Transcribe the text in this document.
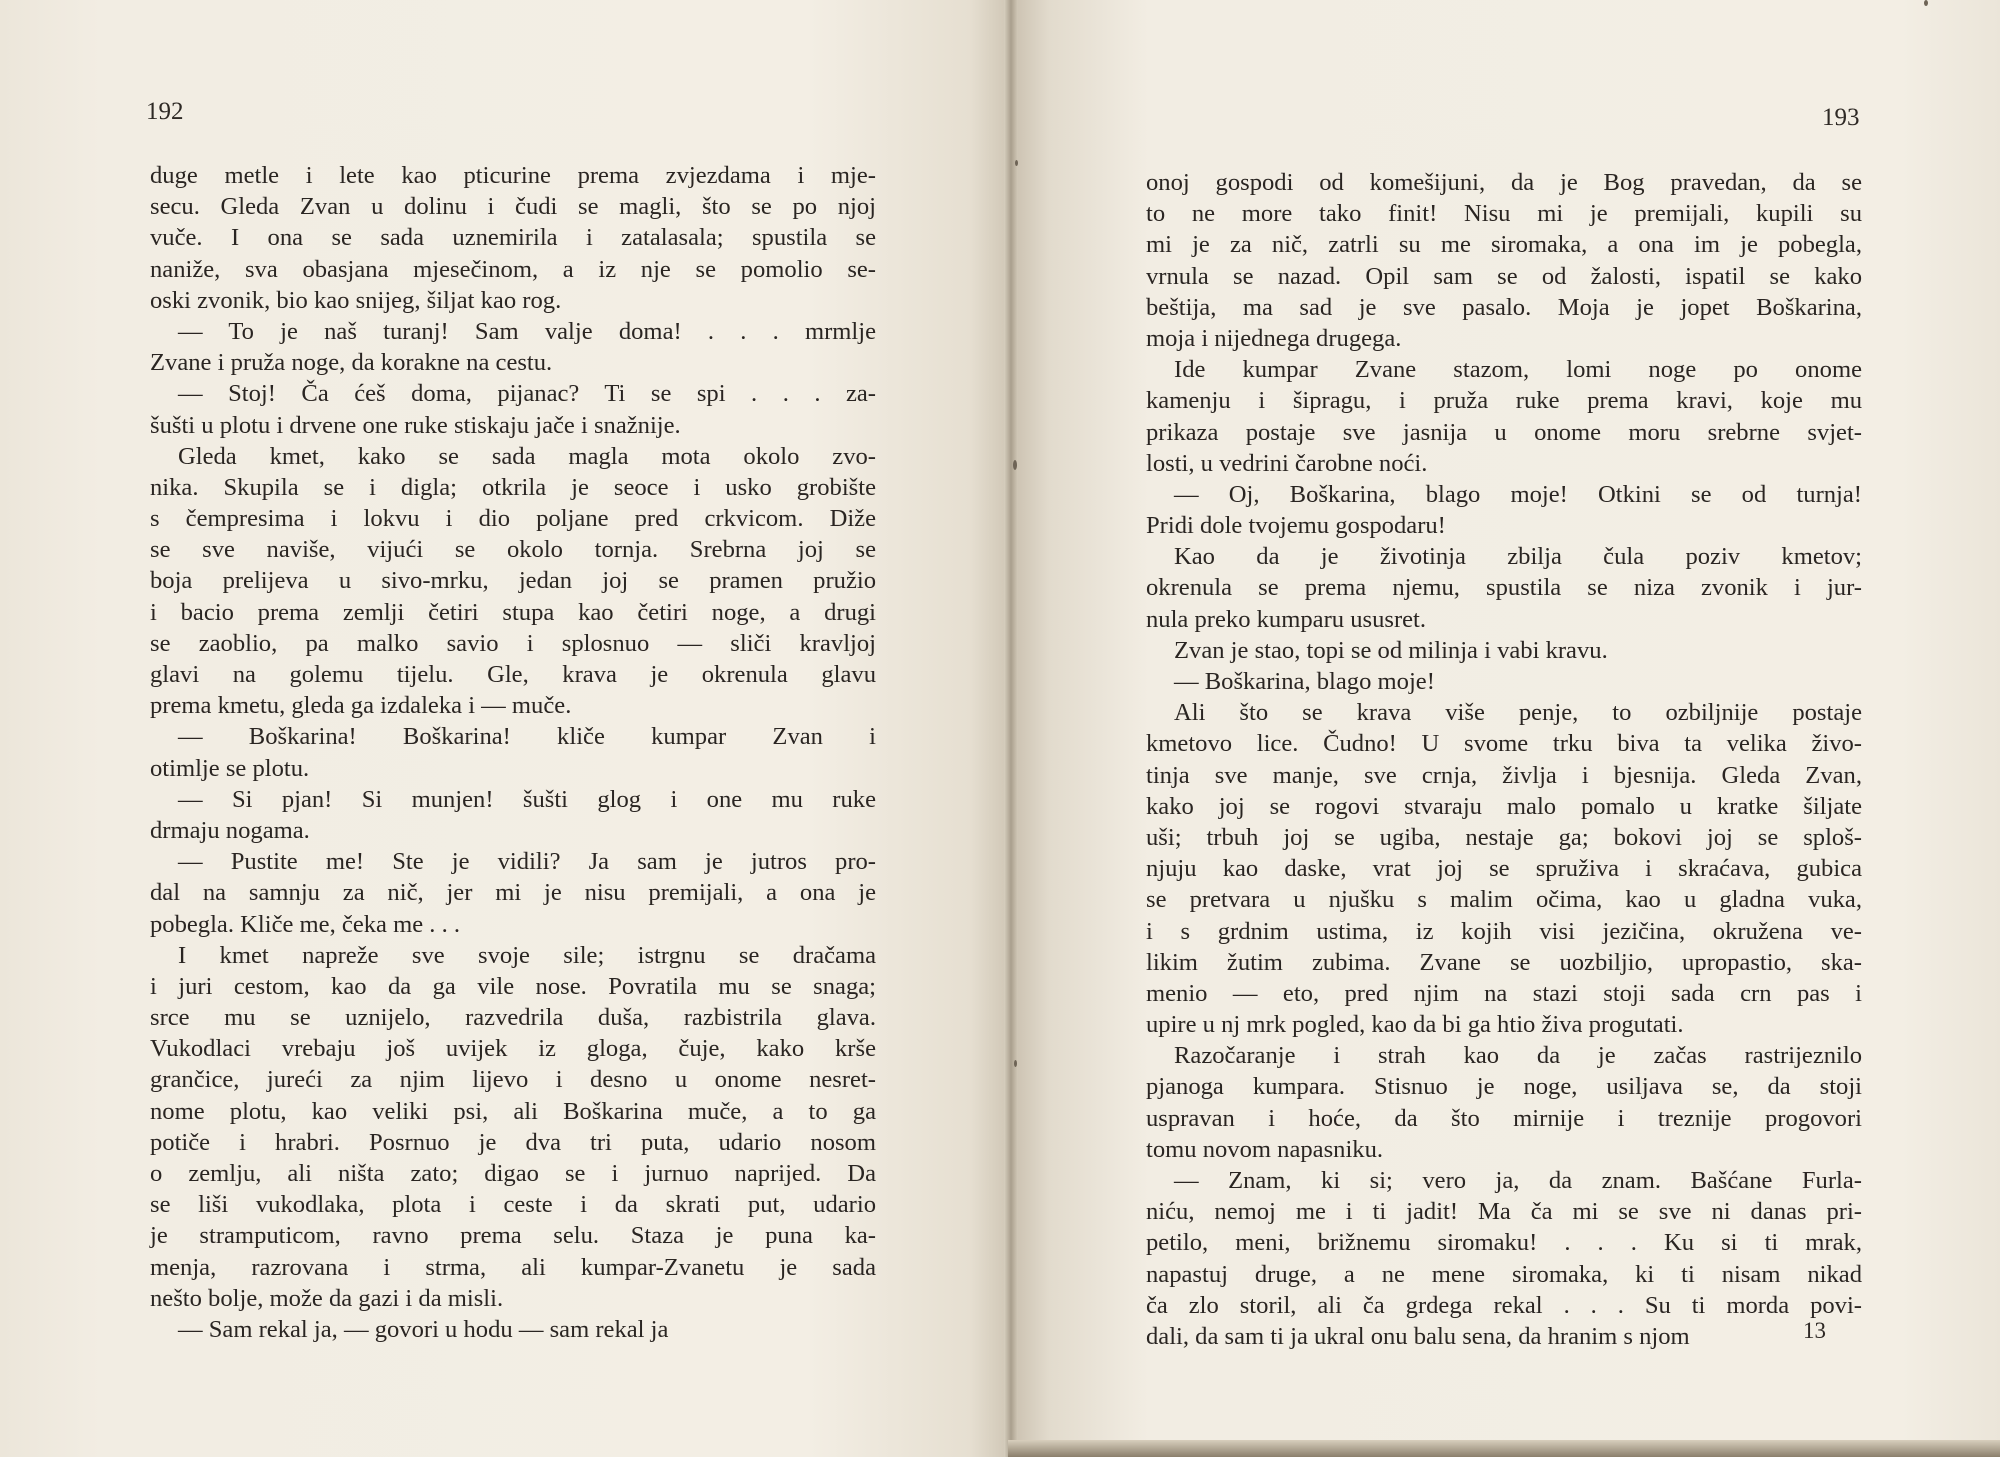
192
duge metle i lete kao pticurine prema zvjezdama i mje-
secu. Gleda Zvan u dolinu i čudi se magli, što se po njoj
vuče. I ona se sada uznemirila i zatalasala; spustila se
naniže, sva obasjana mjesečinom, a iz nje se pomolio se-
oski zvonik, bio kao snijeg, šiljat kao rog.
— To je naš turanj! Sam valje doma! . . . mrmlje
Zvane i pruža noge, da korakne na cestu.
— Stoj! Ča ćeš doma, pijanac? Ti se spi . . . za-
šušti u plotu i drvene one ruke stiskaju jače i snažnije.
Gleda kmet, kako se sada magla mota okolo zvo-
nika. Skupila se i digla; otkrila je seoce i usko grobište
s čempresima i lokvu i dio poljane pred crkvicom. Diže
se sve naviše, vijući se okolo tornja. Srebrna joj se
boja prelijeva u sivo-mrku, jedan joj se pramen pružio
i bacio prema zemlji četiri stupa kao četiri noge, a drugi
se zaoblio, pa malko savio i splosnuo — sliči kravljoj
glavi na golemu tijelu. Gle, krava je okrenula glavu
prema kmetu, gleda ga izdaleka i — muče.
— Boškarina! Boškarina! kliče kumpar Zvan i
otimlje se plotu.
— Si pjan! Si munjen! šušti glog i one mu ruke
drmaju nogama.
— Pustite me! Ste je vidili? Ja sam je jutros pro-
dal na samnju za nič, jer mi je nisu premijali, a ona je
pobegla. Kliče me, čeka me . . .
I kmet napreže sve svoje sile; istrgnu se dračama
i juri cestom, kao da ga vile nose. Povratila mu se snaga;
srce mu se uznijelo, razvedrila duša, razbistrila glava.
Vukodlaci vrebaju još uvijek iz gloga, čuje, kako krše
grančice, jureći za njim lijevo i desno u onome nesret-
nome plotu, kao veliki psi, ali Boškarina muče, a to ga
potiče i hrabri. Posrnuo je dva tri puta, udario nosom
o zemlju, ali ništa zato; digao se i jurnuo naprijed. Da
se liši vukodlaka, plota i ceste i da skrati put, udario
je stramputicom, ravno prema selu. Staza je puna ka-
menja, razrovana i strma, ali kumpar-Zvanetu je sada
nešto bolje, može da gazi i da misli.
— Sam rekal ja, — govori u hodu — sam rekal ja
193
onoj gospodi od komešijuni, da je Bog pravedan, da se
to ne more tako finit! Nisu mi je premijali, kupili su
mi je za nič, zatrli su me siromaka, a ona im je pobegla,
vrnula se nazad. Opil sam se od žalosti, ispatil se kako
beštija, ma sad je sve pasalo. Moja je jopet Boškarina,
moja i nijednega drugega.
Ide kumpar Zvane stazom, lomi noge po onome
kamenju i šipragu, i pruža ruke prema kravi, koje mu
prikaza postaje sve jasnija u onome moru srebrne svjet-
losti, u vedrini čarobne noći.
— Oj, Boškarina, blago moje! Otkini se od turnja!
Pridi dole tvojemu gospodaru!
Kao da je životinja zbilja čula poziv kmetov;
okrenula se prema njemu, spustila se niza zvonik i jur-
nula preko kumparu ususret.
Zvan je stao, topi se od milinja i vabi kravu.
— Boškarina, blago moje!
Ali što se krava više penje, to ozbiljnije postaje
kmetovo lice. Čudno! U svome trku biva ta velika živo-
tinja sve manje, sve crnja, življa i bjesnija. Gleda Zvan,
kako joj se rogovi stvaraju malo pomalo u kratke šiljate
uši; trbuh joj se ugiba, nestaje ga; bokovi joj se sploš-
njuju kao daske, vrat joj se spruživa i skraćava, gubica
se pretvara u njušku s malim očima, kao u gladna vuka,
i s grdnim ustima, iz kojih visi jezičina, okružena ve-
likim žutim zubima. Zvane se uozbiljio, upropastio, ska-
menio — eto, pred njim na stazi stoji sada crn pas i
upire u nj mrk pogled, kao da bi ga htio živa progutati.
Razočaranje i strah kao da je začas rastrijeznilo
pjanoga kumpara. Stisnuo je noge, usiljava se, da stoji
uspravan i hoće, da što mirnije i treznije progovori
tomu novom napasniku.
— Znam, ki si; vero ja, da znam. Bašćane Furla-
niću, nemoj me i ti jadit! Ma ča mi se sve ni danas pri-
petilo, meni, brižnemu siromaku! . . . Ku si ti mrak,
napastuj druge, a ne mene siromaka, ki ti nisam nikad
ča zlo storil, ali ča grdega rekal . . . Su ti morda povi-
dali, da sam ti ja ukral onu balu sena, da hranim s njom	13
